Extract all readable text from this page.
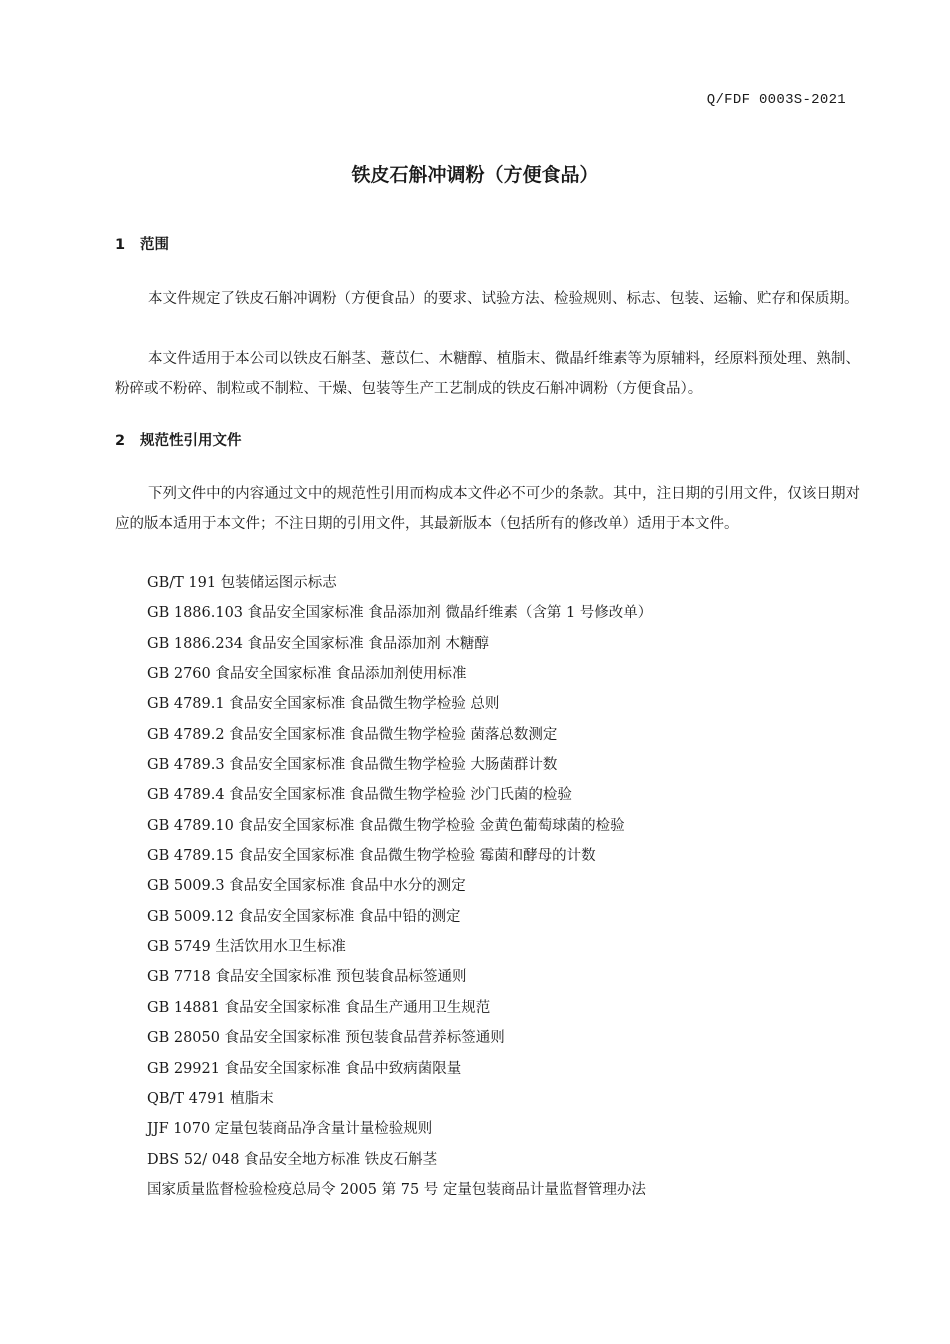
Q/FDF 0003S-2021
铁皮石斛冲调粉（方便食品）
1 范围

本文件规定了铁皮石斛冲调粉（方便食品）的要求、试验方法、检验规则、标志、包装、运输、贮存和保质期。

本文件适用于本公司以铁皮石斛茎、薏苡仁、木糖醇、植脂末、微晶纤维素等为原辅料，经原料预处理、熟制、粉碎或不粉碎、制粒或不制粒、干燥、包装等生产工艺制成的铁皮石斛冲调粉（方便食品）。

2 规范性引用文件

下列文件中的内容通过文中的规范性引用而构成本文件必不可少的条款。其中，注日期的引用文件，仅该日期对应的版本适用于本文件；不注日期的引用文件，其最新版本（包括所有的修改单）适用于本文件。

GB/T 191 包装储运图示标志
GB 1886.103 食品安全国家标准 食品添加剂 微晶纤维素（含第 1 号修改单）
GB 1886.234 食品安全国家标准 食品添加剂 木糖醇
GB 2760 食品安全国家标准 食品添加剂使用标准
GB 4789.1 食品安全国家标准 食品微生物学检验 总则
GB 4789.2 食品安全国家标准 食品微生物学检验 菌落总数测定
GB 4789.3 食品安全国家标准 食品微生物学检验 大肠菌群计数
GB 4789.4 食品安全国家标准 食品微生物学检验 沙门氏菌的检验
GB 4789.10 食品安全国家标准 食品微生物学检验 金黄色葡萄球菌的检验
GB 4789.15 食品安全国家标准 食品微生物学检验 霉菌和酵母的计数
GB 5009.3 食品安全国家标准 食品中水分的测定
GB 5009.12 食品安全国家标准 食品中铅的测定
GB 5749 生活饮用水卫生标准
GB 7718 食品安全国家标准 预包装食品标签通则
GB 14881 食品安全国家标准 食品生产通用卫生规范
GB 28050 食品安全国家标准 预包装食品营养标签通则
GB 29921 食品安全国家标准 食品中致病菌限量
QB/T 4791 植脂末
JJF 1070 定量包装商品净含量计量检验规则
DBS 52/ 048 食品安全地方标准 铁皮石斛茎
国家质量监督检验检疫总局令 2005 第 75 号 定量包装商品计量监督管理办法
